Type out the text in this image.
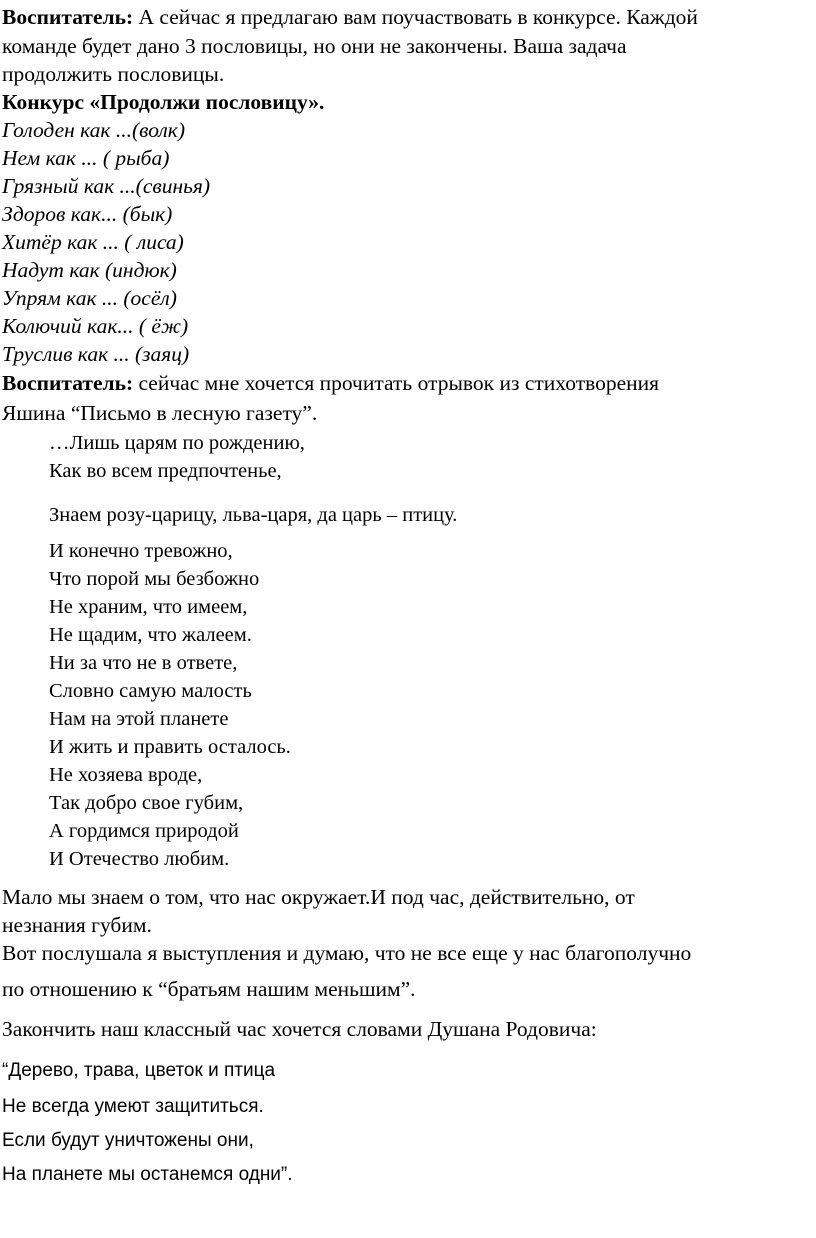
Воспитатель: А сейчас я предлагаю вам поучаствовать в конкурсе. Каждой
команде будет дано 3 пословицы, но они не закончены. Ваша задача
продолжить пословицы.
Конкурс «Продолжи пословицу».
Голоден как ...(волк)
Нем как ... ( рыба)
Грязный как ...(свинья)
Здоров как... (бык)
Хитёр как ... ( лиса)
Надут как (индюк)
Упрям как ... (осёл)
Колючий как... ( ёж)
Труслив как ... (заяц)
Воспитатель: сейчас мне хочется прочитать отрывок из стихотворения
Яшина “Письмо в лесную газету”.
…Лишь царям по рождению,
Как во всем предпочтенье,
Знаем розу-царицу, льва-царя, да царь – птицу.
И конечно тревожно,
Что порой мы безбожно
Не храним, что имеем,
Не щадим, что жалеем.
Ни за что не в ответе,
Словно самую малость
Нам на этой планете
И жить и править осталось.
Не хозяева вроде,
Так добро свое губим,
А гордимся природой
И Отечество любим.
Мало мы знаем о том, что нас окружает.И под час, действительно, от
незнания губим.
Вот послушала я выступления и думаю, что не все еще у нас благополучно
по отношению к “братьям нашим меньшим”.
Закончить наш классный час хочется словами Душана Родовича:
“Дерево, трава, цветок и птица
Не всегда умеют защититься.
Если будут уничтожены они,
На планете мы останемся одни”.
